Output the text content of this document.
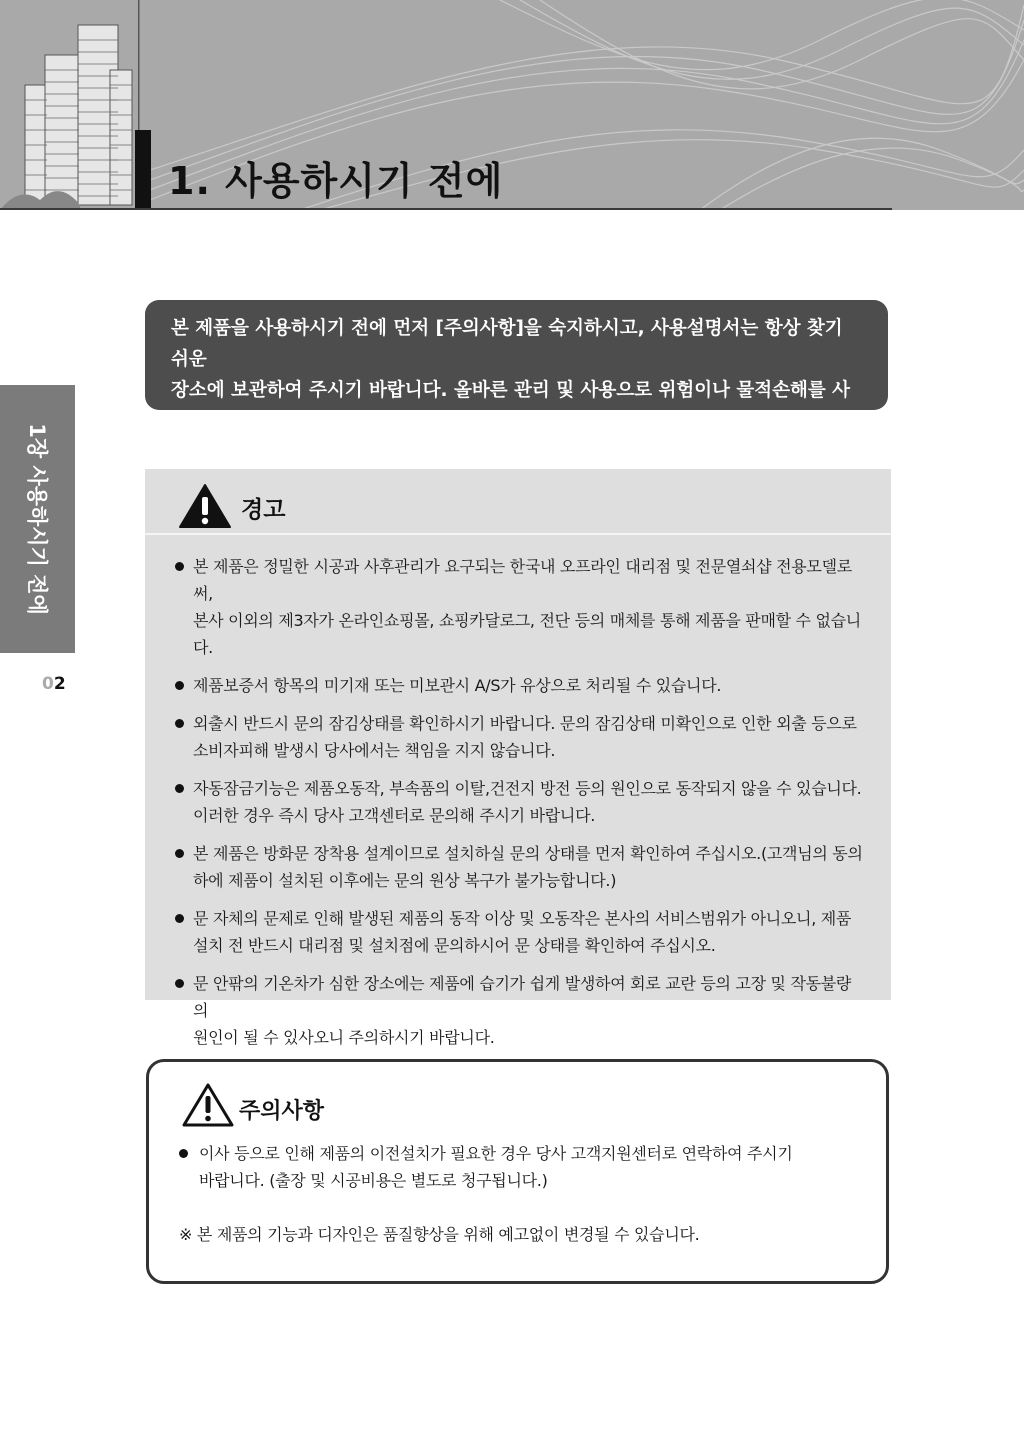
1. 사용하시기 전에
1장 사용하시기 전에
02
본 제품을 사용하시기 전에 먼저 [주의사항]을 숙지하시고, 사용설명서는 항상 찾기 쉬운
장소에 보관하여 주시기 바랍니다. 올바른 관리 및 사용으로 위험이나 물적손해를 사전에
방지할 수 있도록 해 주십시요.
경고
본 제품은 정밀한 시공과 사후관리가 요구되는 한국내 오프라인 대리점 및 전문열쇠샵 전용모델로써,
본사 이외의 제3자가 온라인쇼핑몰, 쇼핑카달로그, 전단 등의 매체를 통해 제품을 판매할 수 없습니다.
제품보증서 항목의 미기재 또는 미보관시 A/S가 유상으로 처리될 수 있습니다.
외출시 반드시 문의 잠김상태를 확인하시기 바랍니다. 문의 잠김상태 미확인으로 인한 외출 등으로
소비자피해 발생시 당사에서는 책임을 지지 않습니다.
자동잠금기능은 제품오동작, 부속품의 이탈,건전지 방전 등의 원인으로 동작되지 않을 수 있습니다.
이러한 경우 즉시 당사 고객센터로 문의해 주시기 바랍니다.
본 제품은 방화문 장착용 설계이므로 설치하실 문의 상태를 먼저 확인하여 주십시오.(고객님의 동의
하에 제품이 설치된 이후에는 문의 원상 복구가 불가능합니다.)
문 자체의 문제로 인해 발생된 제품의 동작 이상 및 오동작은 본사의 서비스범위가 아니오니, 제품
설치 전 반드시 대리점 및 설치점에 문의하시어 문 상태를 확인하여 주십시오.
문 안팎의 기온차가 심한 장소에는 제품에 습기가 쉽게 발생하여 회로 교란 등의 고장 및 작동불량의
원인이 될 수 있사오니 주의하시기 바랍니다.
주의사항
이사 등으로 인해 제품의 이전설치가 필요한 경우 당사 고객지원센터로 연락하여 주시기
바랍니다. (출장 및 시공비용은 별도로 청구됩니다.)
※ 본 제품의 기능과 디자인은 품질향상을 위해 예고없이 변경될 수 있습니다.
